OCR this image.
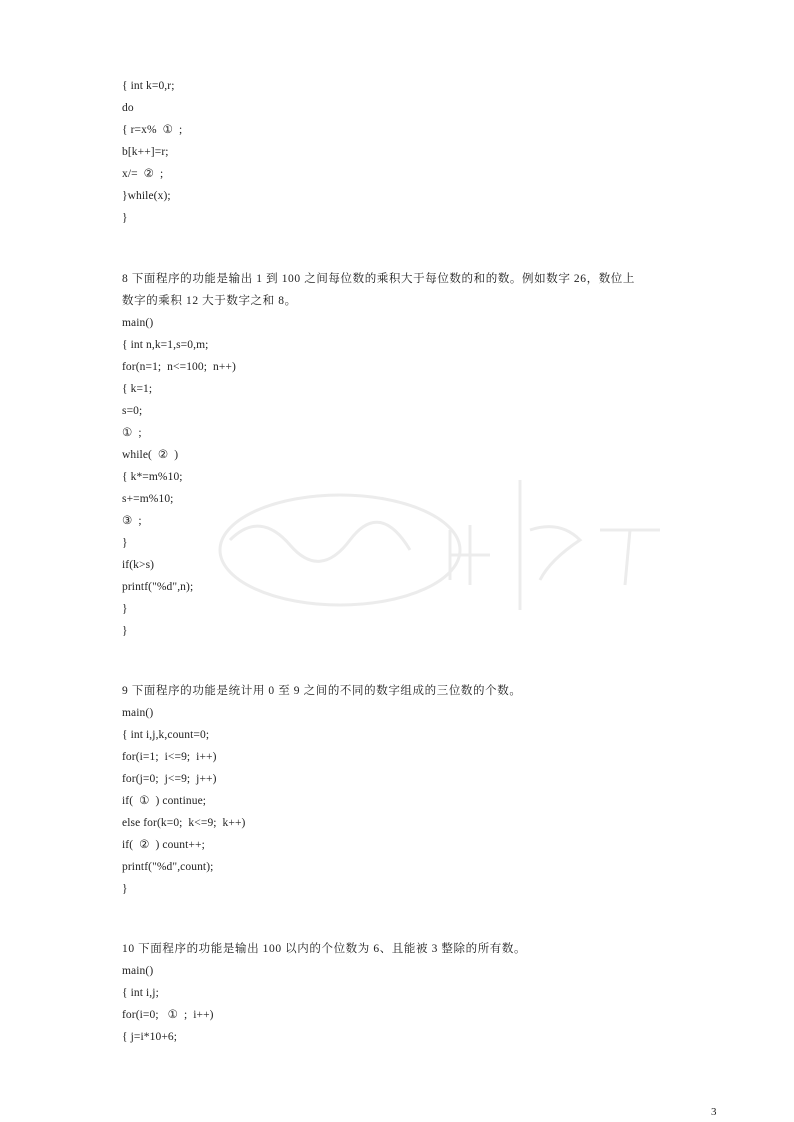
{ int k=0,r;
do
{ r=x%  ①  ;
b[k++]=r;
x/=  ②  ;
}while(x);
}
8 下面程序的功能是输出 1 到 100 之间每位数的乘积大于每位数的和的数。例如数字 26，数位上
数字的乘积 12 大于数字之和 8。
main()
{ int n,k=1,s=0,m;
for(n=1;  n<=100;  n++)
{ k=1;
s=0;
①  ;
while(  ②  )
{ k*=m%10;
s+=m%10;
③  ;
}
if(k>s)
printf("%d",n);
}
}
9 下面程序的功能是统计用 0 至 9 之间的不同的数字组成的三位数的个数。
main()
{ int i,j,k,count=0;
for(i=1;  i<=9;  i++)
for(j=0;  j<=9;  j++)
if(  ①  ) continue;
else for(k=0;  k<=9;  k++)
if(  ②  ) count++;
printf("%d",count);
}
10 下面程序的功能是输出 100 以内的个位数为 6、且能被 3 整除的所有数。
main()
{ int i,j;
for(i=0;   ①  ;  i++)
{ j=i*10+6;
3
